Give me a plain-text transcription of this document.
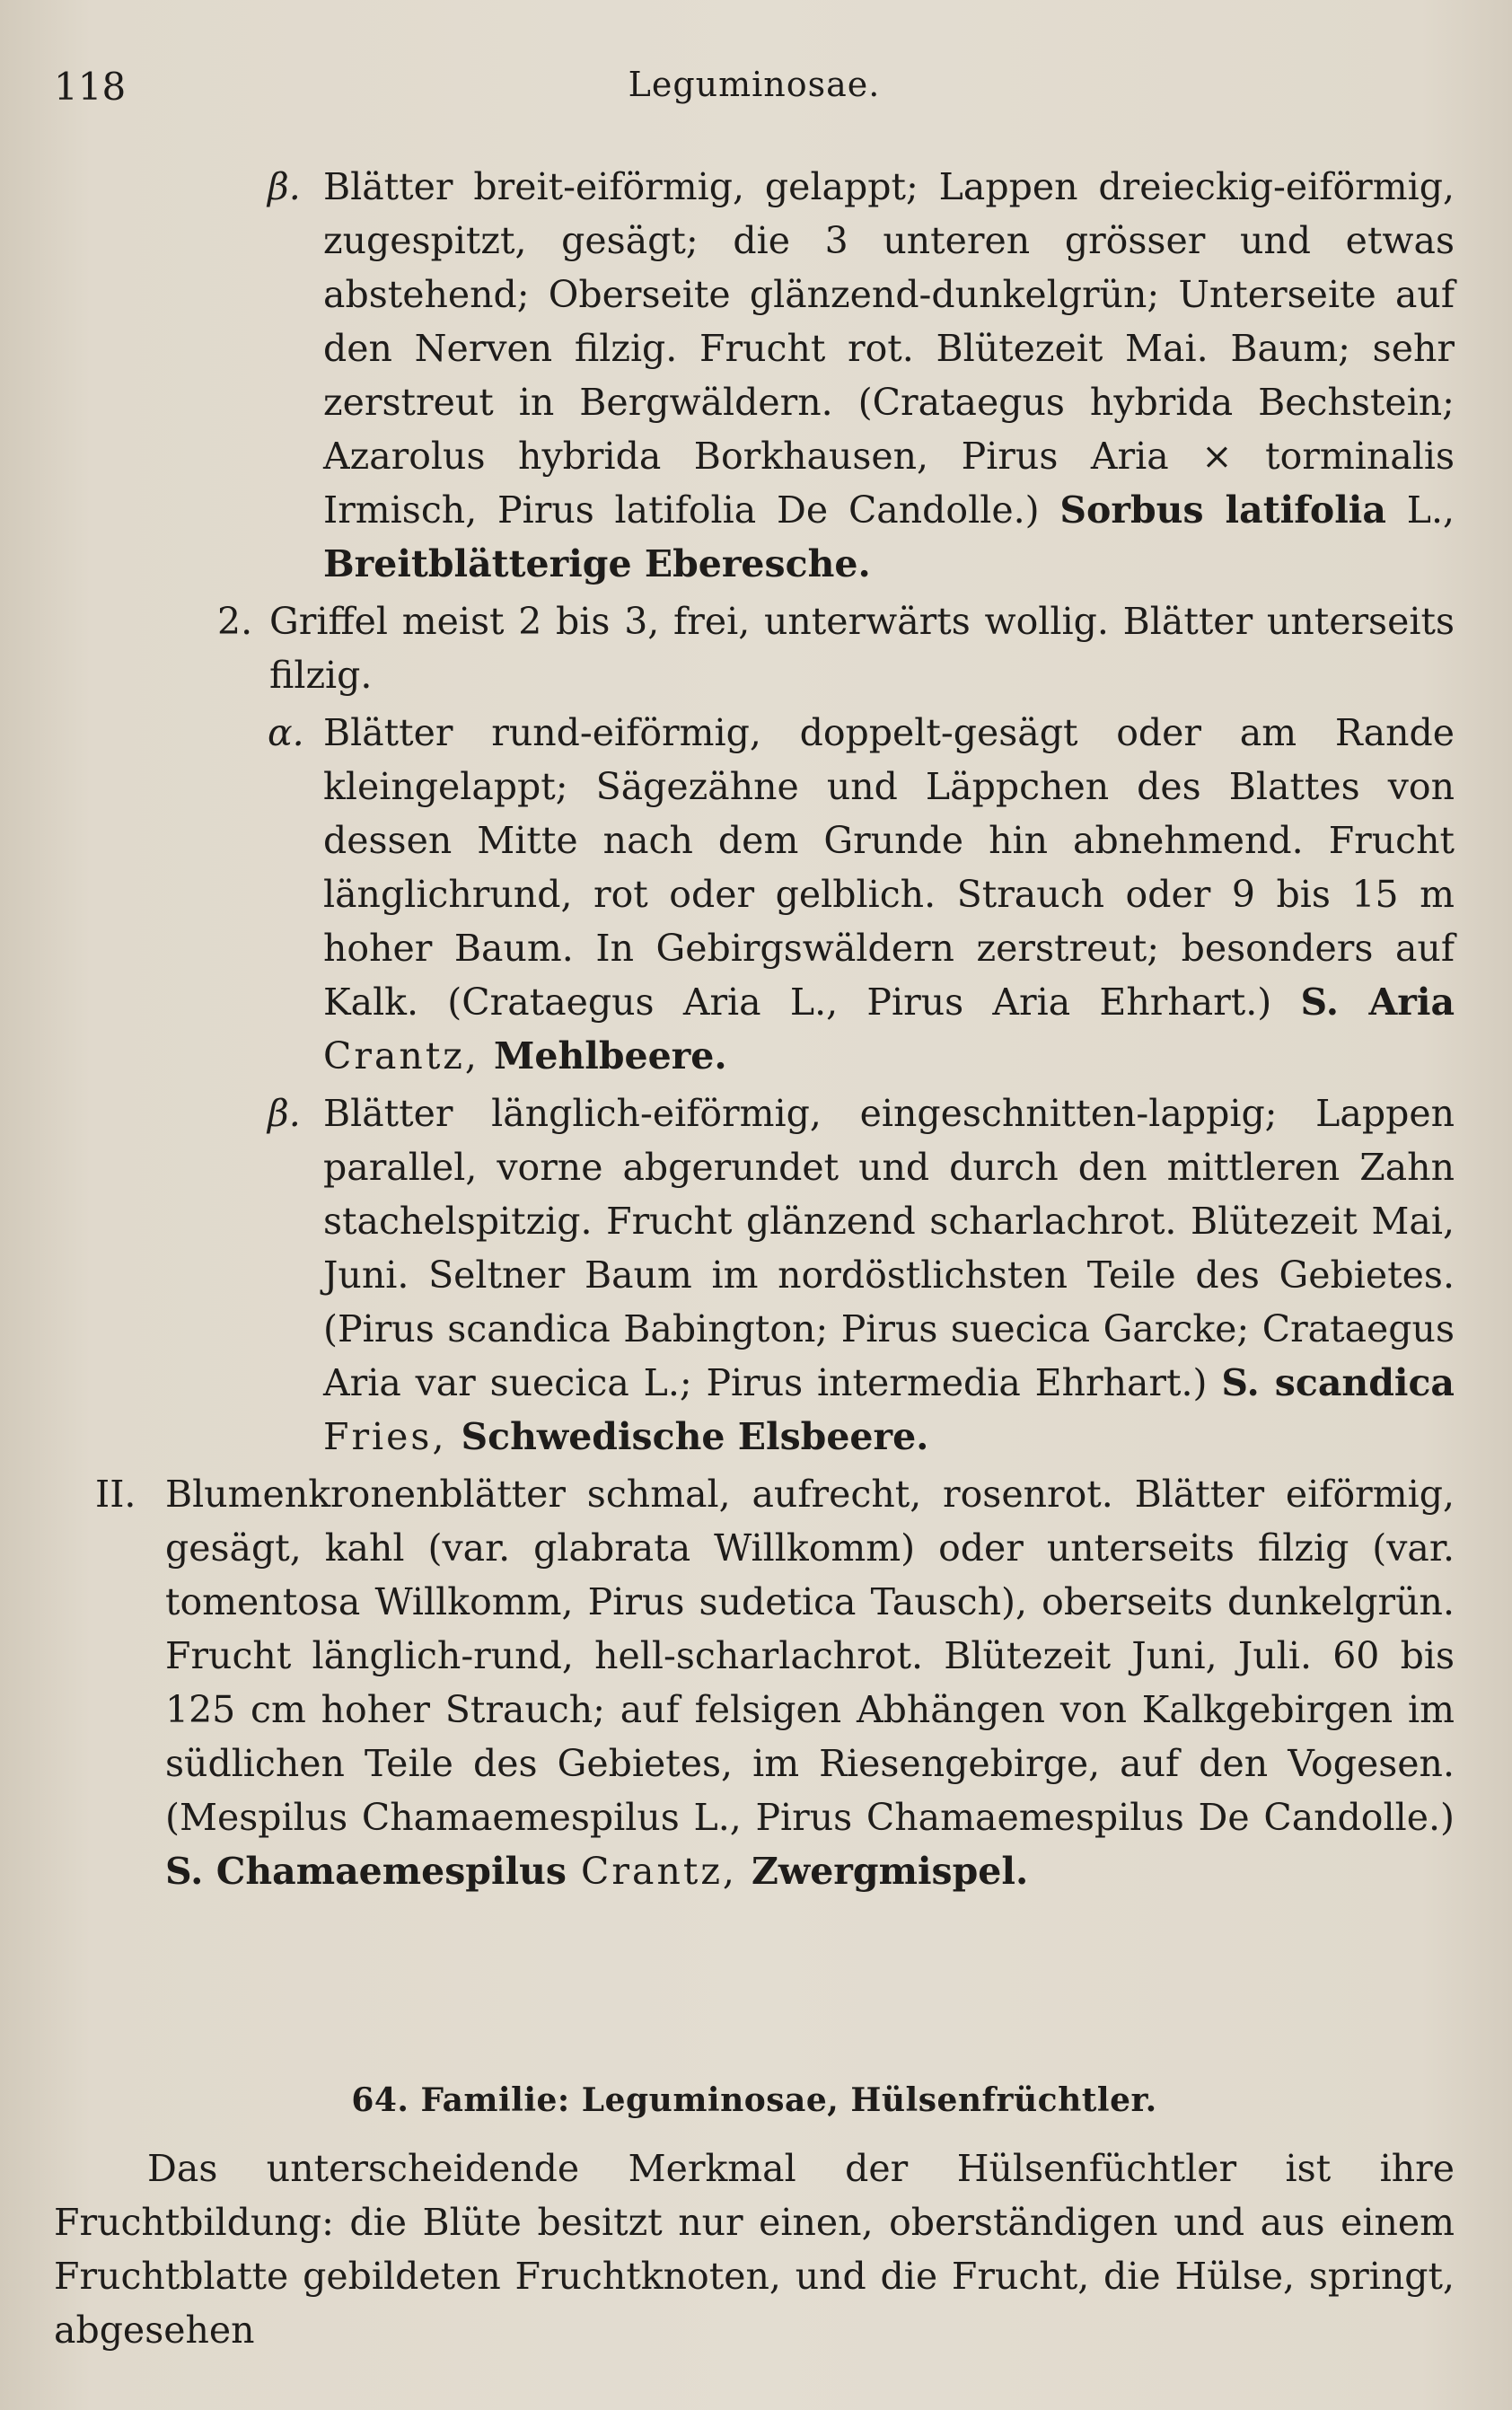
118	Leguminosae.

β. Blätter breit-eiförmig, gelappt; Lappen dreieckig-eiförmig, zugespitzt, gesägt; die 3 unteren grösser und etwas abstehend; Oberseite glänzend-dunkelgrün; Unterseite auf den Nerven filzig. Frucht rot. Blütezeit Mai. Baum; sehr zerstreut in Bergwäldern. (Crataegus hybrida Bechstein; Azarolus hybrida Borkhausen, Pirus Aria × torminalis Irmisch, Pirus latifolia De Candolle.) Sorbus latifolia L., Breitblätterige Eberesche.

2. Griffel meist 2 bis 3, frei, unterwärts wollig. Blätter unterseits filzig.

α. Blätter rund-eiförmig, doppelt-gesägt oder am Rande kleingelappt; Sägezähne und Läppchen des Blattes von dessen Mitte nach dem Grunde hin abnehmend. Frucht länglichrund, rot oder gelblich. Strauch oder 9 bis 15 m hoher Baum. In Gebirgswäldern zerstreut; besonders auf Kalk. (Crataegus Aria L., Pirus Aria Ehrhart.) S. Aria Crantz, Mehlbeere.

β. Blätter länglich-eiförmig, eingeschnitten-lappig; Lappen parallel, vorne abgerundet und durch den mittleren Zahn stachelspitzig. Frucht glänzend scharlachrot. Blütezeit Mai, Juni. Seltner Baum im nordöstlichsten Teile des Gebietes. (Pirus scandica Babington; Pirus suecica Garcke; Crataegus Aria var suecica L.; Pirus intermedia Ehrhart.) S. scandica Fries, Schwedische Elsbeere.

II. Blumenkronenblätter schmal, aufrecht, rosenrot. Blätter eiförmig, gesägt, kahl (var. glabrata Willkomm) oder unterseits filzig (var. tomentosa Willkomm, Pirus sudetica Tausch), oberseits dunkelgrün. Frucht länglich-rund, hell-scharlachrot. Blütezeit Juni, Juli. 60 bis 125 cm hoher Strauch; auf felsigen Abhängen von Kalkgebirgen im südlichen Teile des Gebietes, im Riesengebirge, auf den Vogesen. (Mespilus Chamaemespilus L., Pirus Chamaemespilus De Candolle.) S. Chamaemespilus Crantz, Zwergmispel.

64. Familie: Leguminosae, Hülsenfrüchtler.

Das unterscheidende Merkmal der Hülsenfüchtler ist ihre Fruchtbildung: die Blüte besitzt nur einen, oberständigen und aus einem Fruchtblatte gebildeten Fruchtknoten, und die Frucht, die Hülse, springt, abgesehen
